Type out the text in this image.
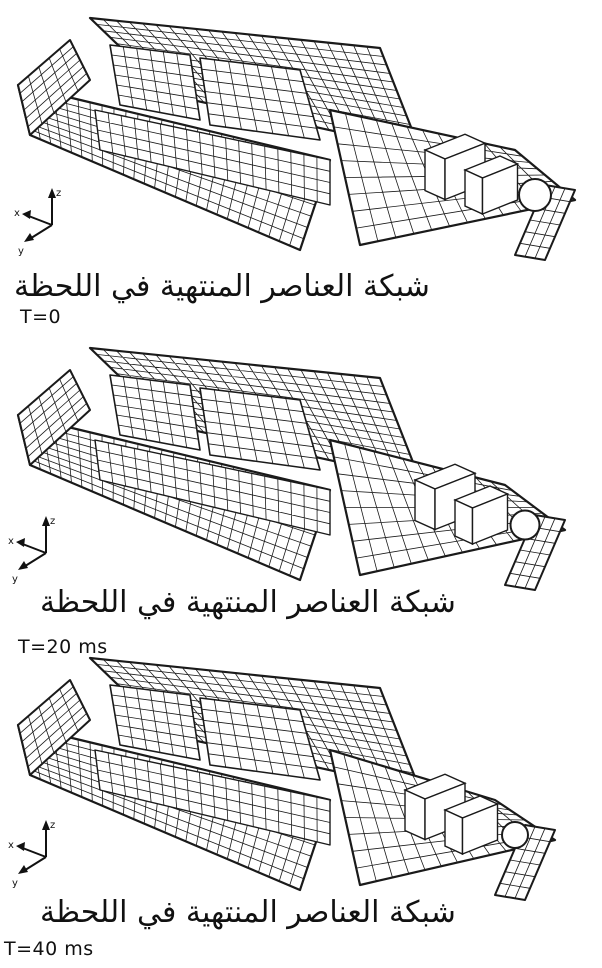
z
x
y
شبكة العناصر المنتهية في اللحظة
T=0
z
x
y
شبكة العناصر المنتهية في اللحظة
T=20 ms
z
x
y
شبكة العناصر المنتهية في اللحظة
T=40 ms
